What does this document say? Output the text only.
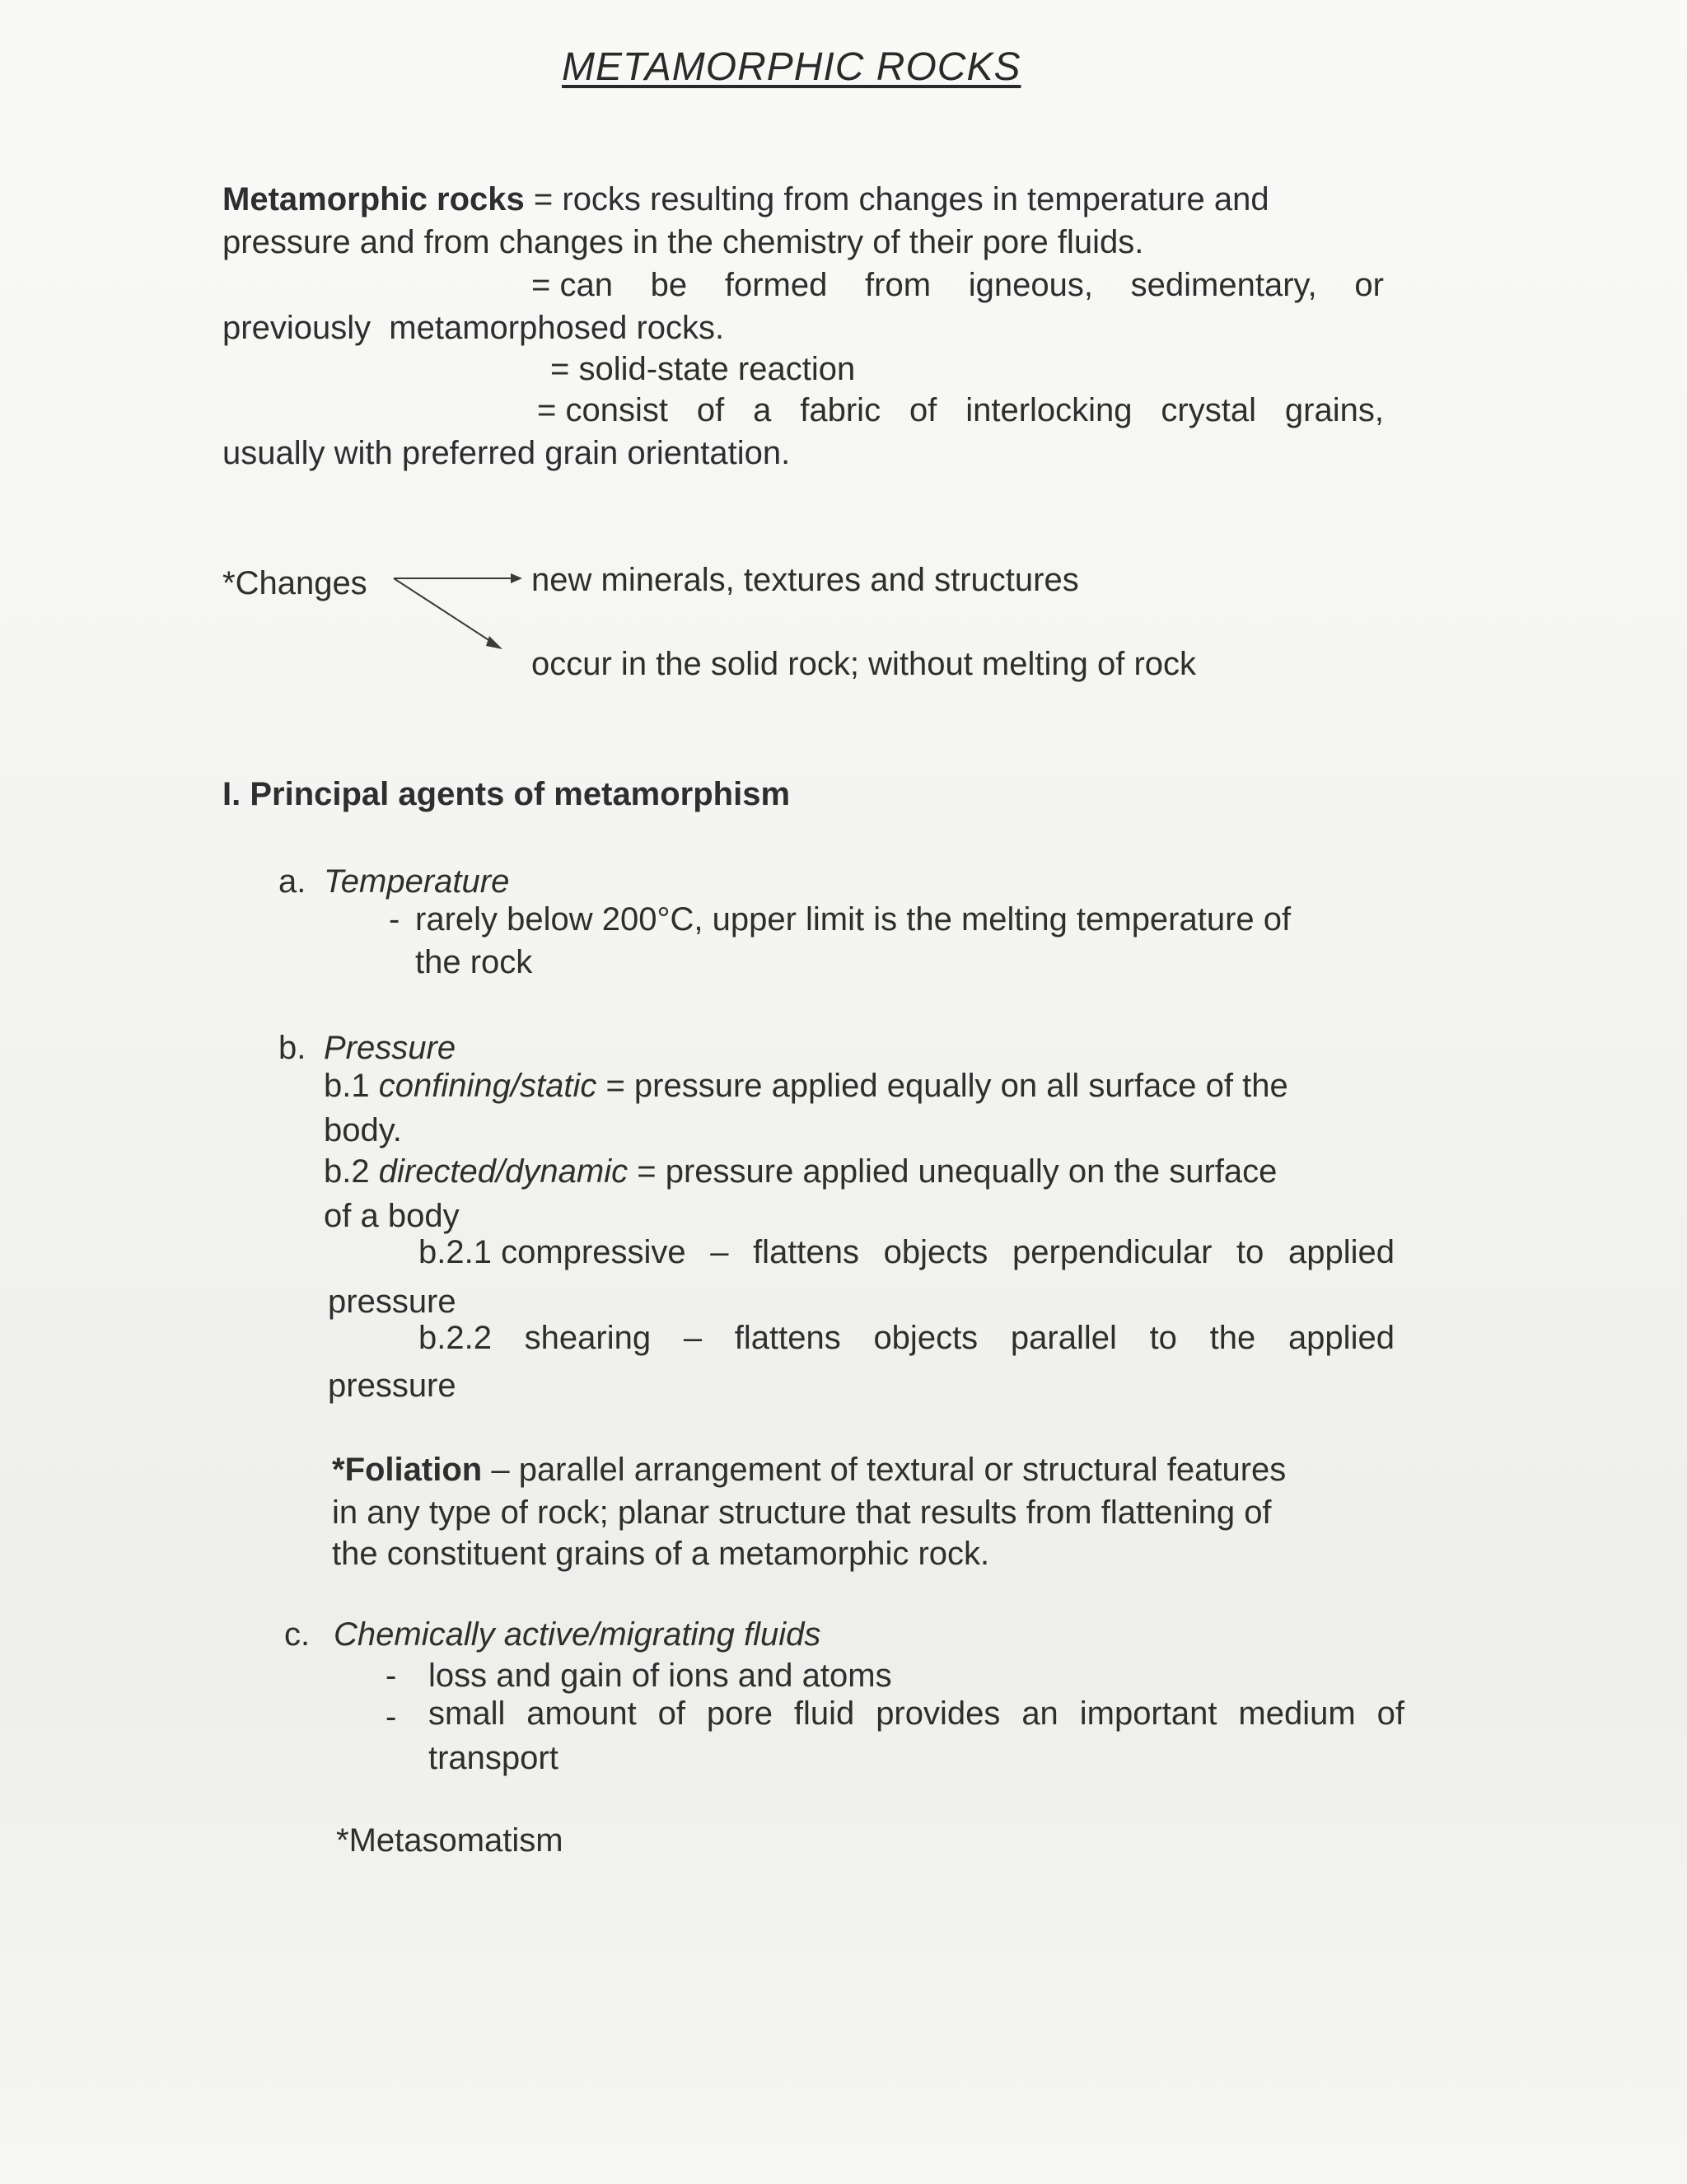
METAMORPHIC ROCKS
Metamorphic rocks = rocks resulting from changes in temperature and
pressure and from changes in the chemistry of their pore fluids.
= can be formed from igneous, sedimentary, or
previously  metamorphosed rocks.
= solid-state reaction
= consist of a fabric of interlocking crystal grains,
usually with preferred grain orientation.
*Changes	new minerals, textures and structures
occur in the solid rock; without melting of rock
I. Principal agents of metamorphism
a. Temperature
- rarely below 200°C, upper limit is the melting temperature of
the rock
b. Pressure
b.1 confining/static = pressure applied equally on all surface of the
body.
b.2 directed/dynamic = pressure applied unequally on the surface
of a body
b.2.1 compressive – flattens objects perpendicular to applied
pressure
b.2.2 shearing – flattens objects parallel to the applied
pressure
*Foliation – parallel arrangement of textural or structural features
in any type of rock; planar structure that results from flattening of
the constituent grains of a metamorphic rock.
c. Chemically active/migrating fluids
- loss and gain of ions and atoms
- small amount of pore fluid provides an important medium of
transport
*Metasomatism
